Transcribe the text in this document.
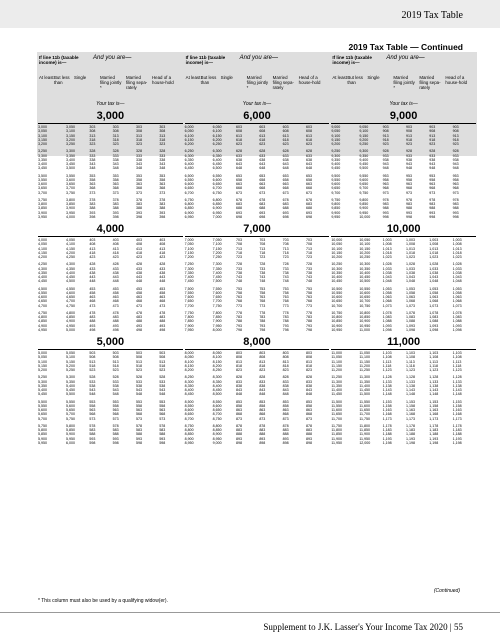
2019 Tax Table
2019 Tax Table — Continued
If line 11b (taxable income) is—
And you are—
At least But less than
Single	Married filing jointly *
Married filing sepa-rately
Head of a house-hold
Your tax is—
3,000
3,000	3,050	303	303	303	303
3,050	3,100	308	308	308	308
3,100	3,150	313	313	313	313
3,150	3,200	318	318	318	318
3,200	3,250	323	323	323	323
3,250	3,300	328	328	328	328
3,300	3,350	333	333	333	333
3,350	3,400	338	338	338	338
3,400	3,450	343	343	343	343
3,450	3,500	348	348	348	348
3,500	3,550	353	353	353	353
3,550	3,600	358	358	358	358
3,600	3,650	363	363	363	363
3,650	3,700	368	368	368	368
3,700	3,750	373	373	373	373
3,750	3,800	378	378	378	378
3,800	3,850	383	383	383	383
3,850	3,900	388	388	388	388
3,900	3,950	393	393	393	393
3,950	4,000	398	398	398	398
4,000
4,000	4,050	403	403	403	403
4,050	4,100	408	408	408	408
4,100	4,150	413	413	413	413
4,150	4,200	418	418	418	418
4,200	4,250	423	423	423	423
4,250	4,300	428	428	428	428
4,300	4,350	433	433	433	433
4,350	4,400	438	438	438	438
4,400	4,450	443	443	443	443
4,450	4,500	448	448	448	448
4,500	4,550	453	453	453	453
4,550	4,600	458	458	458	458
4,600	4,650	463	463	463	463
4,650	4,700	468	468	468	468
4,700	4,750	473	473	473	473
4,750	4,800	478	478	478	478
4,800	4,850	483	483	483	483
4,850	4,900	488	488	488	488
4,900	4,950	493	493	493	493
4,950	5,000	498	498	498	498
5,000
5,000	5,050	503	503	503	503
5,050	5,100	508	508	508	508
5,100	5,150	513	513	513	513
5,150	5,200	518	518	518	518
5,200	5,250	523	523	523	523
5,250	5,300	528	528	528	528
5,300	5,350	533	533	533	533
5,350	5,400	538	538	538	538
5,400	5,450	543	543	543	543
5,450	5,500	548	548	548	548
5,500	5,550	553	553	553	553
5,550	5,600	558	558	558	558
5,600	5,650	563	563	563	563
5,650	5,700	568	568	568	568
5,700	5,750	573	573	573	573
5,750	5,800	578	578	578	578
5,800	5,850	583	583	583	583
5,850	5,900	588	588	588	588
5,900	5,950	593	593	593	593
5,950	6,000	598	598	598	598
If line 11b (taxable income) is—
And you are—
At least But less than
Single	Married filing jointly *
Married filing sepa-rately
Head of a house-hold
Your tax is—
6,000
6,000	6,050	603	603	603	603
6,050	6,100	608	608	608	608
6,100	6,150	613	613	613	613
6,150	6,200	618	618	618	618
6,200	6,250	623	623	623	623
6,250	6,300	628	628	628	628
6,300	6,350	633	633	633	633
6,350	6,400	638	638	638	638
6,400	6,450	643	643	643	643
6,450	6,500	648	648	648	648
6,500	6,550	653	653	653	653
6,550	6,600	658	658	658	658
6,600	6,650	663	663	663	663
6,650	6,700	668	668	668	668
6,700	6,750	673	673	673	673
6,750	6,800	678	678	678	678
6,800	6,850	683	683	683	683
6,850	6,900	688	688	688	688
6,900	6,950	693	693	693	693
6,950	7,000	698	698	698	698
7,000
7,000	7,050	703	703	703	703
7,050	7,100	708	708	708	708
7,100	7,150	713	713	713	713
7,150	7,200	718	718	718	718
7,200	7,250	723	723	723	723
7,250	7,300	728	728	728	728
7,300	7,350	733	733	733	733
7,350	7,400	738	738	738	738
7,400	7,450	743	743	743	743
7,450	7,500	748	748	748	748
7,500	7,550	753	753	753	753
7,550	7,600	758	758	758	758
7,600	7,650	763	763	763	763
7,650	7,700	768	768	768	768
7,700	7,750	773	773	773	773
7,750	7,800	778	778	778	778
7,800	7,850	783	783	783	783
7,850	7,900	788	788	788	788
7,900	7,950	793	793	793	793
7,950	8,000	798	798	798	798
8,000
8,000	8,050	803	803	803	803
8,050	8,100	808	808	808	808
8,100	8,150	813	813	813	813
8,150	8,200	818	818	818	818
8,200	8,250	823	823	823	823
8,250	8,300	828	828	828	828
8,300	8,350	833	833	833	833
8,350	8,400	838	838	838	838
8,400	8,450	843	843	843	843
8,450	8,500	848	848	848	848
8,500	8,550	853	853	853	853
8,550	8,600	858	858	858	858
8,600	8,650	863	863	863	863
8,650	8,700	868	868	868	868
8,700	8,750	873	873	873	873
8,750	8,800	878	878	878	878
8,800	8,850	883	883	883	883
8,850	8,900	888	888	888	888
8,900	8,950	893	893	893	893
8,950	9,000	898	898	898	898
If line 11b (taxable income) is—
And you are—
At least But less than
Single	Married filing jointly *
Married filing sepa-rately
Head of a house-hold
Your tax is—
9,000
9,000	9,050	903	903	903	903
9,050	9,100	908	908	908	908
9,100	9,150	913	913	913	913
9,150	9,200	918	918	918	918
9,200	9,250	923	923	923	923
9,250	9,300	928	928	928	928
9,300	9,350	933	933	933	933
9,350	9,400	938	938	938	938
9,400	9,450	943	943	943	943
9,450	9,500	948	948	948	948
9,500	9,550	953	953	953	953
9,550	9,600	958	958	958	958
9,600	9,650	963	963	963	963
9,650	9,700	968	968	968	968
9,700	9,750	973	973	973	973
9,750	9,800	978	978	978	978
9,800	9,850	983	983	983	983
9,850	9,900	988	988	988	988
9,900	9,950	993	993	993	993
9,950	10,000	998	998	998	998
10,000
10,000	10,050	1,003	1,003	1,003	1,003
10,050	10,100	1,008	1,008	1,008	1,008
10,100	10,150	1,013	1,013	1,013	1,013
10,150	10,200	1,018	1,018	1,018	1,018
10,200	10,250	1,023	1,023	1,023	1,023
10,250	10,300	1,028	1,028	1,028	1,028
10,300	10,350	1,033	1,033	1,033	1,033
10,350	10,400	1,038	1,038	1,038	1,038
10,400	10,450	1,043	1,043	1,043	1,043
10,450	10,500	1,048	1,048	1,048	1,048
10,500	10,550	1,053	1,053	1,053	1,053
10,550	10,600	1,058	1,058	1,058	1,058
10,600	10,650	1,063	1,063	1,063	1,063
10,650	10,700	1,068	1,068	1,068	1,068
10,700	10,750	1,073	1,073	1,073	1,073
10,750	10,800	1,078	1,078	1,078	1,078
10,800	10,850	1,083	1,083	1,083	1,083
10,850	10,900	1,088	1,088	1,088	1,088
10,900	10,950	1,093	1,093	1,093	1,093
10,950	11,000	1,098	1,098	1,098	1,098
11,000
11,000	11,050	1,103	1,103	1,103	1,103
11,050	11,100	1,108	1,108	1,108	1,108
11,100	11,150	1,113	1,113	1,113	1,113
11,150	11,200	1,118	1,118	1,118	1,118
11,200	11,250	1,123	1,123	1,123	1,123
11,250	11,300	1,128	1,128	1,128	1,128
11,300	11,350	1,133	1,133	1,133	1,133
11,350	11,400	1,138	1,138	1,138	1,138
11,400	11,450	1,143	1,143	1,143	1,143
11,450	11,500	1,148	1,148	1,148	1,148
11,500	11,550	1,153	1,153	1,153	1,153
11,550	11,600	1,158	1,158	1,158	1,158
11,600	11,650	1,163	1,163	1,163	1,163
11,650	11,700	1,168	1,168	1,168	1,168
11,700	11,750	1,173	1,173	1,173	1,173
11,750	11,800	1,178	1,178	1,178	1,178
11,800	11,850	1,183	1,183	1,183	1,183
11,850	11,900	1,188	1,188	1,188	1,188
11,900	11,950	1,193	1,193	1,193	1,193
11,950	12,000	1,198	1,198	1,198	1,198
(Continued)
* This column must also be used by a qualifying widow(er).
Supplement to J.K. Lasser's Your Income Tax 2020 | 55
